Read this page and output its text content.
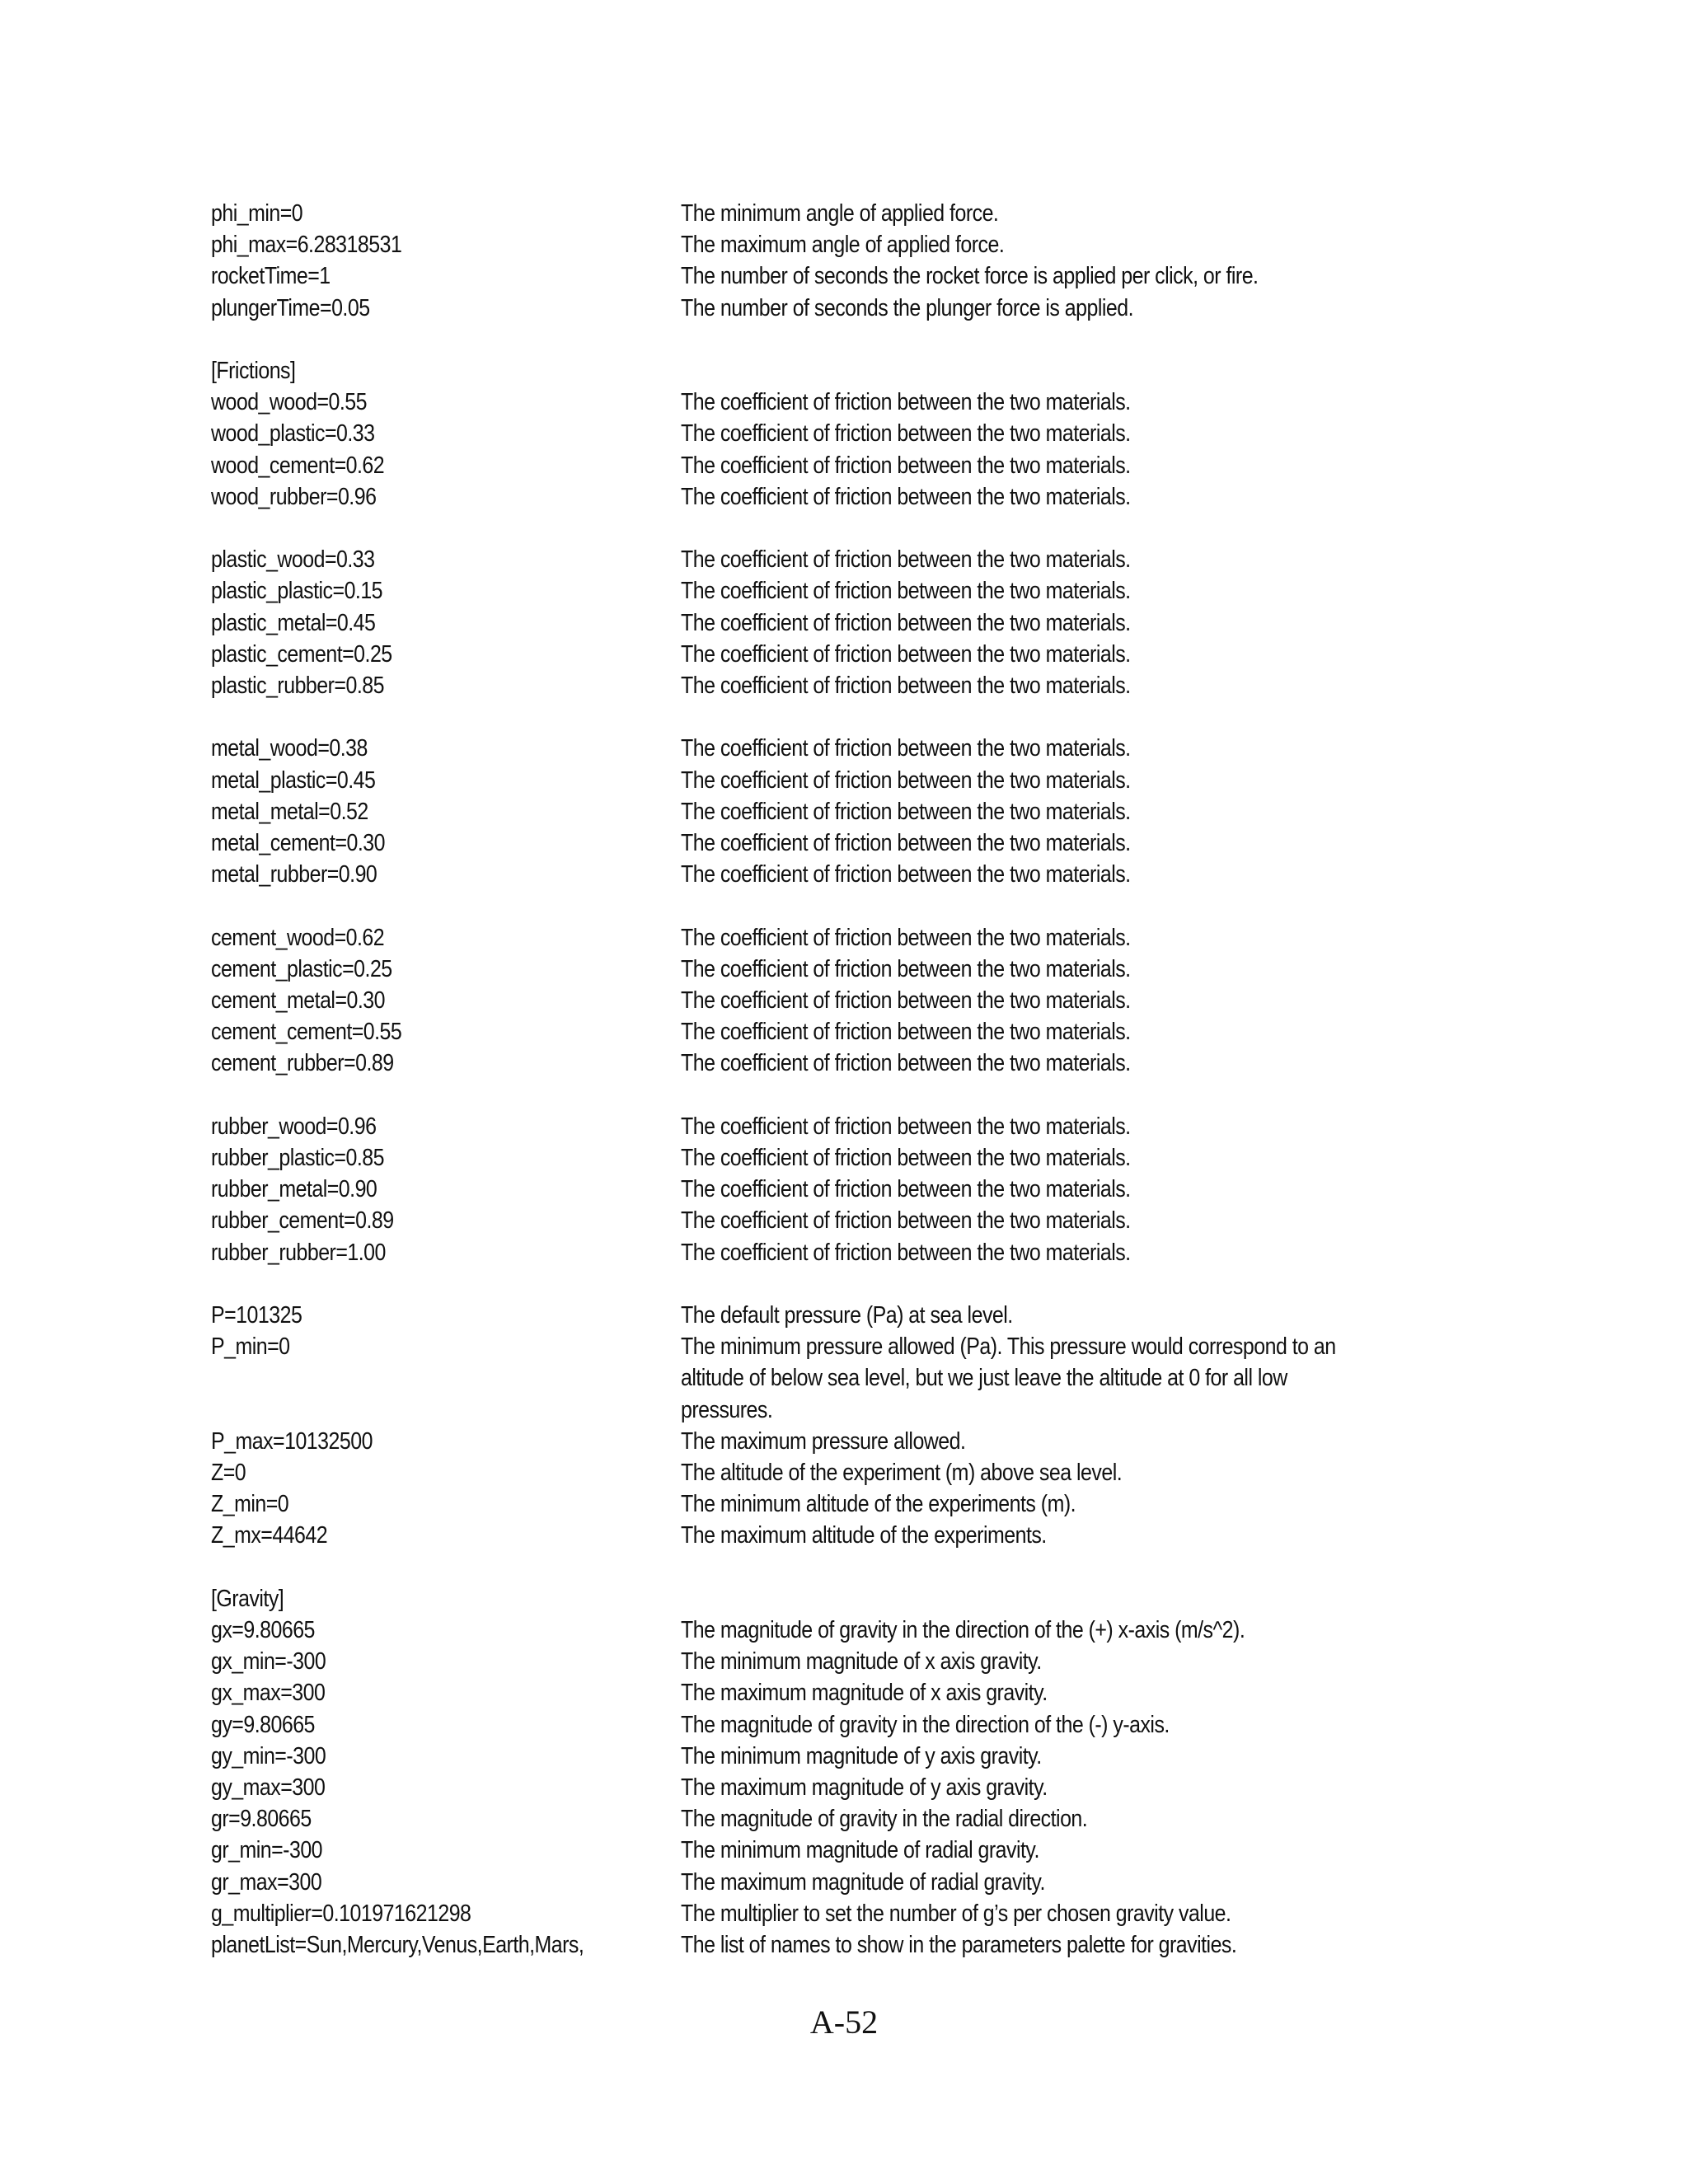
phi_min=0	The minimum angle of applied force.
phi_max=6.28318531	The maximum angle of applied force.
rocketTime=1	The number of seconds the rocket force is applied per click, or fire.
plungerTime=0.05	The number of seconds the plunger force is applied.
[Frictions]
wood_wood=0.55	The coefficient of friction between the two materials.
wood_plastic=0.33	The coefficient of friction between the two materials.
wood_cement=0.62	The coefficient of friction between the two materials.
wood_rubber=0.96	The coefficient of friction between the two materials.
plastic_wood=0.33	The coefficient of friction between the two materials.
plastic_plastic=0.15	The coefficient of friction between the two materials.
plastic_metal=0.45	The coefficient of friction between the two materials.
plastic_cement=0.25	The coefficient of friction between the two materials.
plastic_rubber=0.85	The coefficient of friction between the two materials.
metal_wood=0.38	The coefficient of friction between the two materials.
metal_plastic=0.45	The coefficient of friction between the two materials.
metal_metal=0.52	The coefficient of friction between the two materials.
metal_cement=0.30	The coefficient of friction between the two materials.
metal_rubber=0.90	The coefficient of friction between the two materials.
cement_wood=0.62	The coefficient of friction between the two materials.
cement_plastic=0.25	The coefficient of friction between the two materials.
cement_metal=0.30	The coefficient of friction between the two materials.
cement_cement=0.55	The coefficient of friction between the two materials.
cement_rubber=0.89	The coefficient of friction between the two materials.
rubber_wood=0.96	The coefficient of friction between the two materials.
rubber_plastic=0.85	The coefficient of friction between the two materials.
rubber_metal=0.90	The coefficient of friction between the two materials.
rubber_cement=0.89	The coefficient of friction between the two materials.
rubber_rubber=1.00	The coefficient of friction between the two materials.
P=101325	The default pressure (Pa) at sea level.
P_min=0	The minimum pressure allowed (Pa). This pressure would correspond to an altitude of below sea level, but we just leave the altitude at 0 for all low pressures.
P_max=10132500	The maximum pressure allowed.
Z=0	The altitude of the experiment (m) above sea level.
Z_min=0	The minimum altitude of the experiments (m).
Z_mx=44642	The maximum altitude of the experiments.
[Gravity]
gx=9.80665	The magnitude of gravity in the direction of the (+) x-axis (m/s^2).
gx_min=-300	The minimum magnitude of x axis gravity.
gx_max=300	The maximum magnitude of x axis gravity.
gy=9.80665	The magnitude of gravity in the direction of the (-) y-axis.
gy_min=-300	The minimum magnitude of y axis gravity.
gy_max=300	The maximum magnitude of y axis gravity.
gr=9.80665	The magnitude of gravity in the radial direction.
gr_min=-300	The minimum magnitude of radial gravity.
gr_max=300	The maximum magnitude of radial gravity.
g_multiplier=0.101971621298	The multiplier to set the number of g’s per chosen gravity value.
planetList=Sun,Mercury,Venus,Earth,Mars,	The list of names to show in the parameters palette for gravities.
A-52
